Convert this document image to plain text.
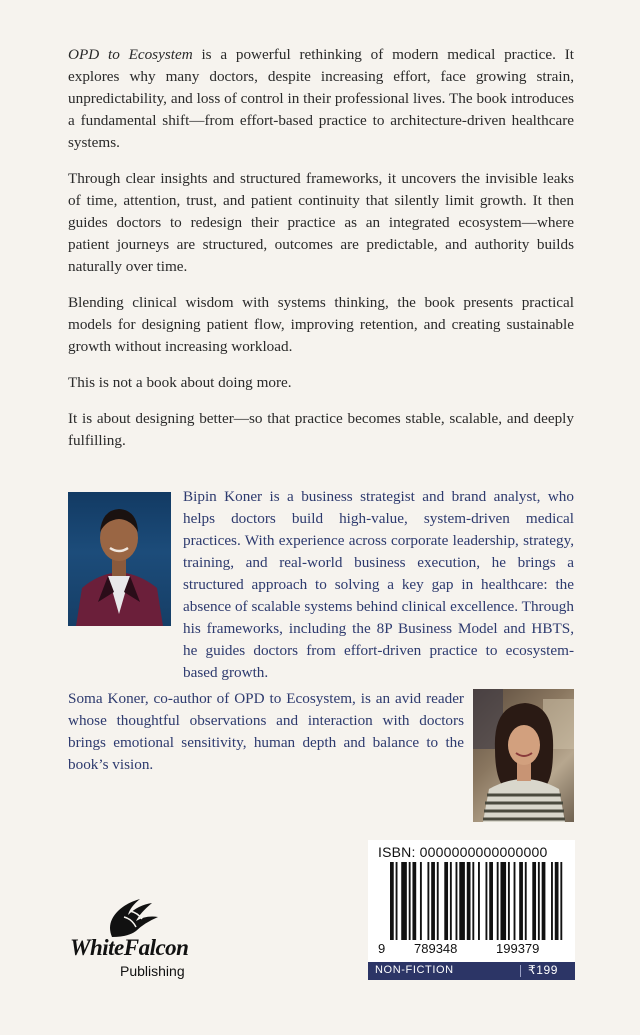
OPD to Ecosystem is a powerful rethinking of modern medical practice. It explores why many doctors, despite increasing effort, face growing strain, unpredictability, and loss of control in their professional lives. The book introduces a fundamental shift—from effort-based practice to architecture-driven healthcare systems.

Through clear insights and structured frameworks, it uncovers the invisible leaks of time, attention, trust, and patient continuity that silently limit growth. It then guides doctors to redesign their practice as an integrated ecosystem—where patient journeys are structured, outcomes are predictable, and authority builds naturally over time.

Blending clinical wisdom with systems thinking, the book presents practical models for designing patient flow, improving retention, and creating sustainable growth without increasing workload.

This is not a book about doing more.

It is about designing better—so that practice becomes stable, scalable, and deeply fulfilling.

Bipin Koner is a business strategist and brand analyst, who helps doctors build high-value, system-driven medical practices. With experience across corporate leadership, strategy, training, and real-world business execution, he brings a structured approach to solving a key gap in healthcare: the absence of scalable systems behind clinical excellence. Through his frameworks, including the 8P Business Model and HBTS, he guides doctors from effort-driven practice to ecosystem-based growth.
Soma Koner, co-author of OPD to Ecosystem, is an avid reader whose thoughtful observations and interaction with doctors brings emotional sensitivity, human depth and balance to the book’s vision.
ISBN: 0000000000000000
9 789348	199379
NON-FICTION	₹199
WhiteFalcon
Publishing
